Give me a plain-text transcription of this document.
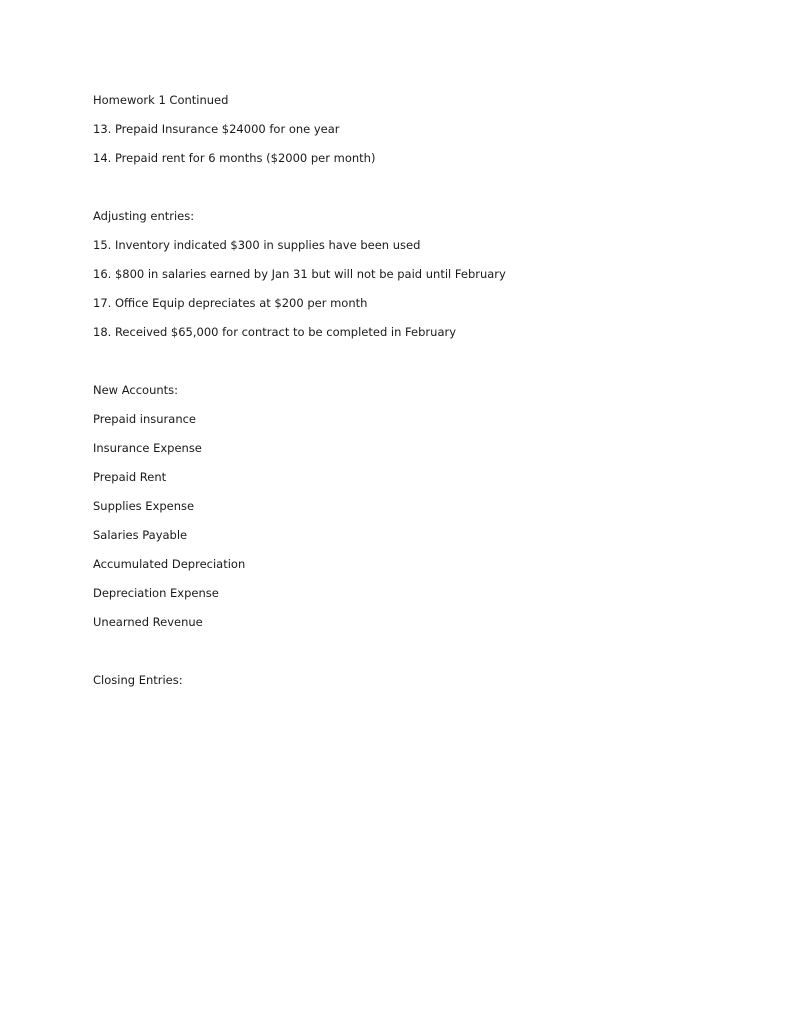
Homework 1 Continued

13. Prepaid Insurance $24000 for one year

14. Prepaid rent for 6 months ($2000 per month)

Adjusting entries:

15. Inventory indicated $300 in supplies have been used

16. $800 in salaries earned by Jan 31 but will not be paid until February

17. Office Equip depreciates at $200 per month

18. Received $65,000 for contract to be completed in February

New Accounts:

Prepaid insurance

Insurance Expense

Prepaid Rent

Supplies Expense

Salaries Payable

Accumulated Depreciation

Depreciation Expense

Unearned Revenue

Closing Entries:
